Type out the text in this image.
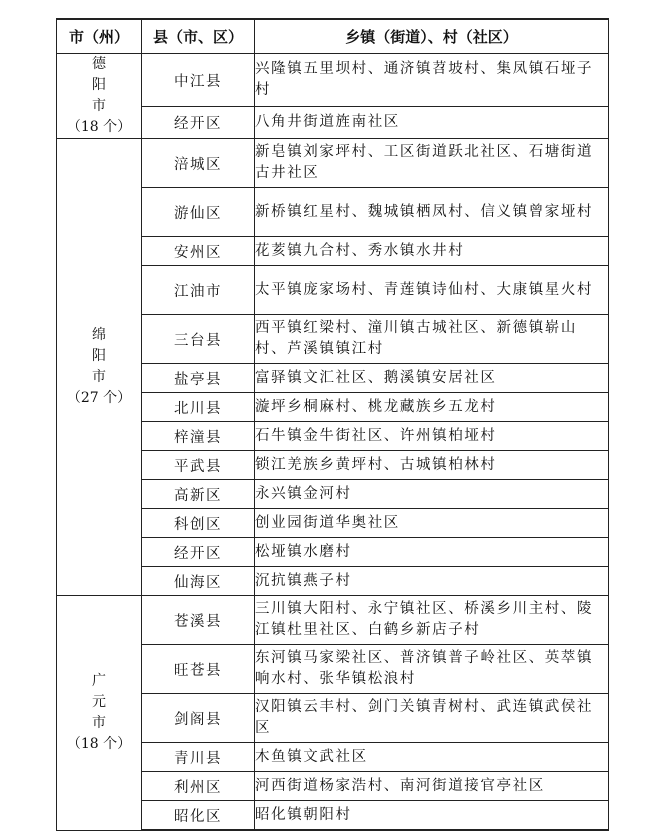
市（州）	县（市、区）	乡镇（街道）、村（社区）

德
阳
市
（18 个）	中江县	兴隆镇五里坝村、通济镇苕坡村、集凤镇石垭子村
	经开区	八角井街道旌南社区

绵
阳
市
（27 个）	涪城区	新皂镇刘家坪村、工区街道跃北社区、石塘街道古井社区
	游仙区	新桥镇红星村、魏城镇栖凤村、信义镇曾家垭村
	安州区	花荄镇九合村、秀水镇水井村
	江油市	太平镇庞家场村、青莲镇诗仙村、大康镇星火村
	三台县	西平镇红梁村、潼川镇古城社区、新德镇崭山村、芦溪镇镇江村
	盐亭县	富驿镇文汇社区、鹅溪镇安居社区
	北川县	漩坪乡桐麻村、桃龙藏族乡五龙村
	梓潼县	石牛镇金牛街社区、许州镇柏垭村
	平武县	锁江羌族乡黄坪村、古城镇柏林村
	高新区	永兴镇金河村
	科创区	创业园街道华奥社区
	经开区	松垭镇水磨村
	仙海区	沉抗镇燕子村

广
元
市
（18 个）	苍溪县	三川镇大阳村、永宁镇社区、桥溪乡川主村、陵江镇杜里社区、白鹤乡新店子村
	旺苍县	东河镇马家梁社区、普济镇普子岭社区、英萃镇响水村、张华镇松浪村
	剑阁县	汉阳镇云丰村、剑门关镇青树村、武连镇武侯社区
	青川县	木鱼镇文武社区
	利州区	河西街道杨家浩村、南河街道接官亭社区
	昭化区	昭化镇朝阳村
